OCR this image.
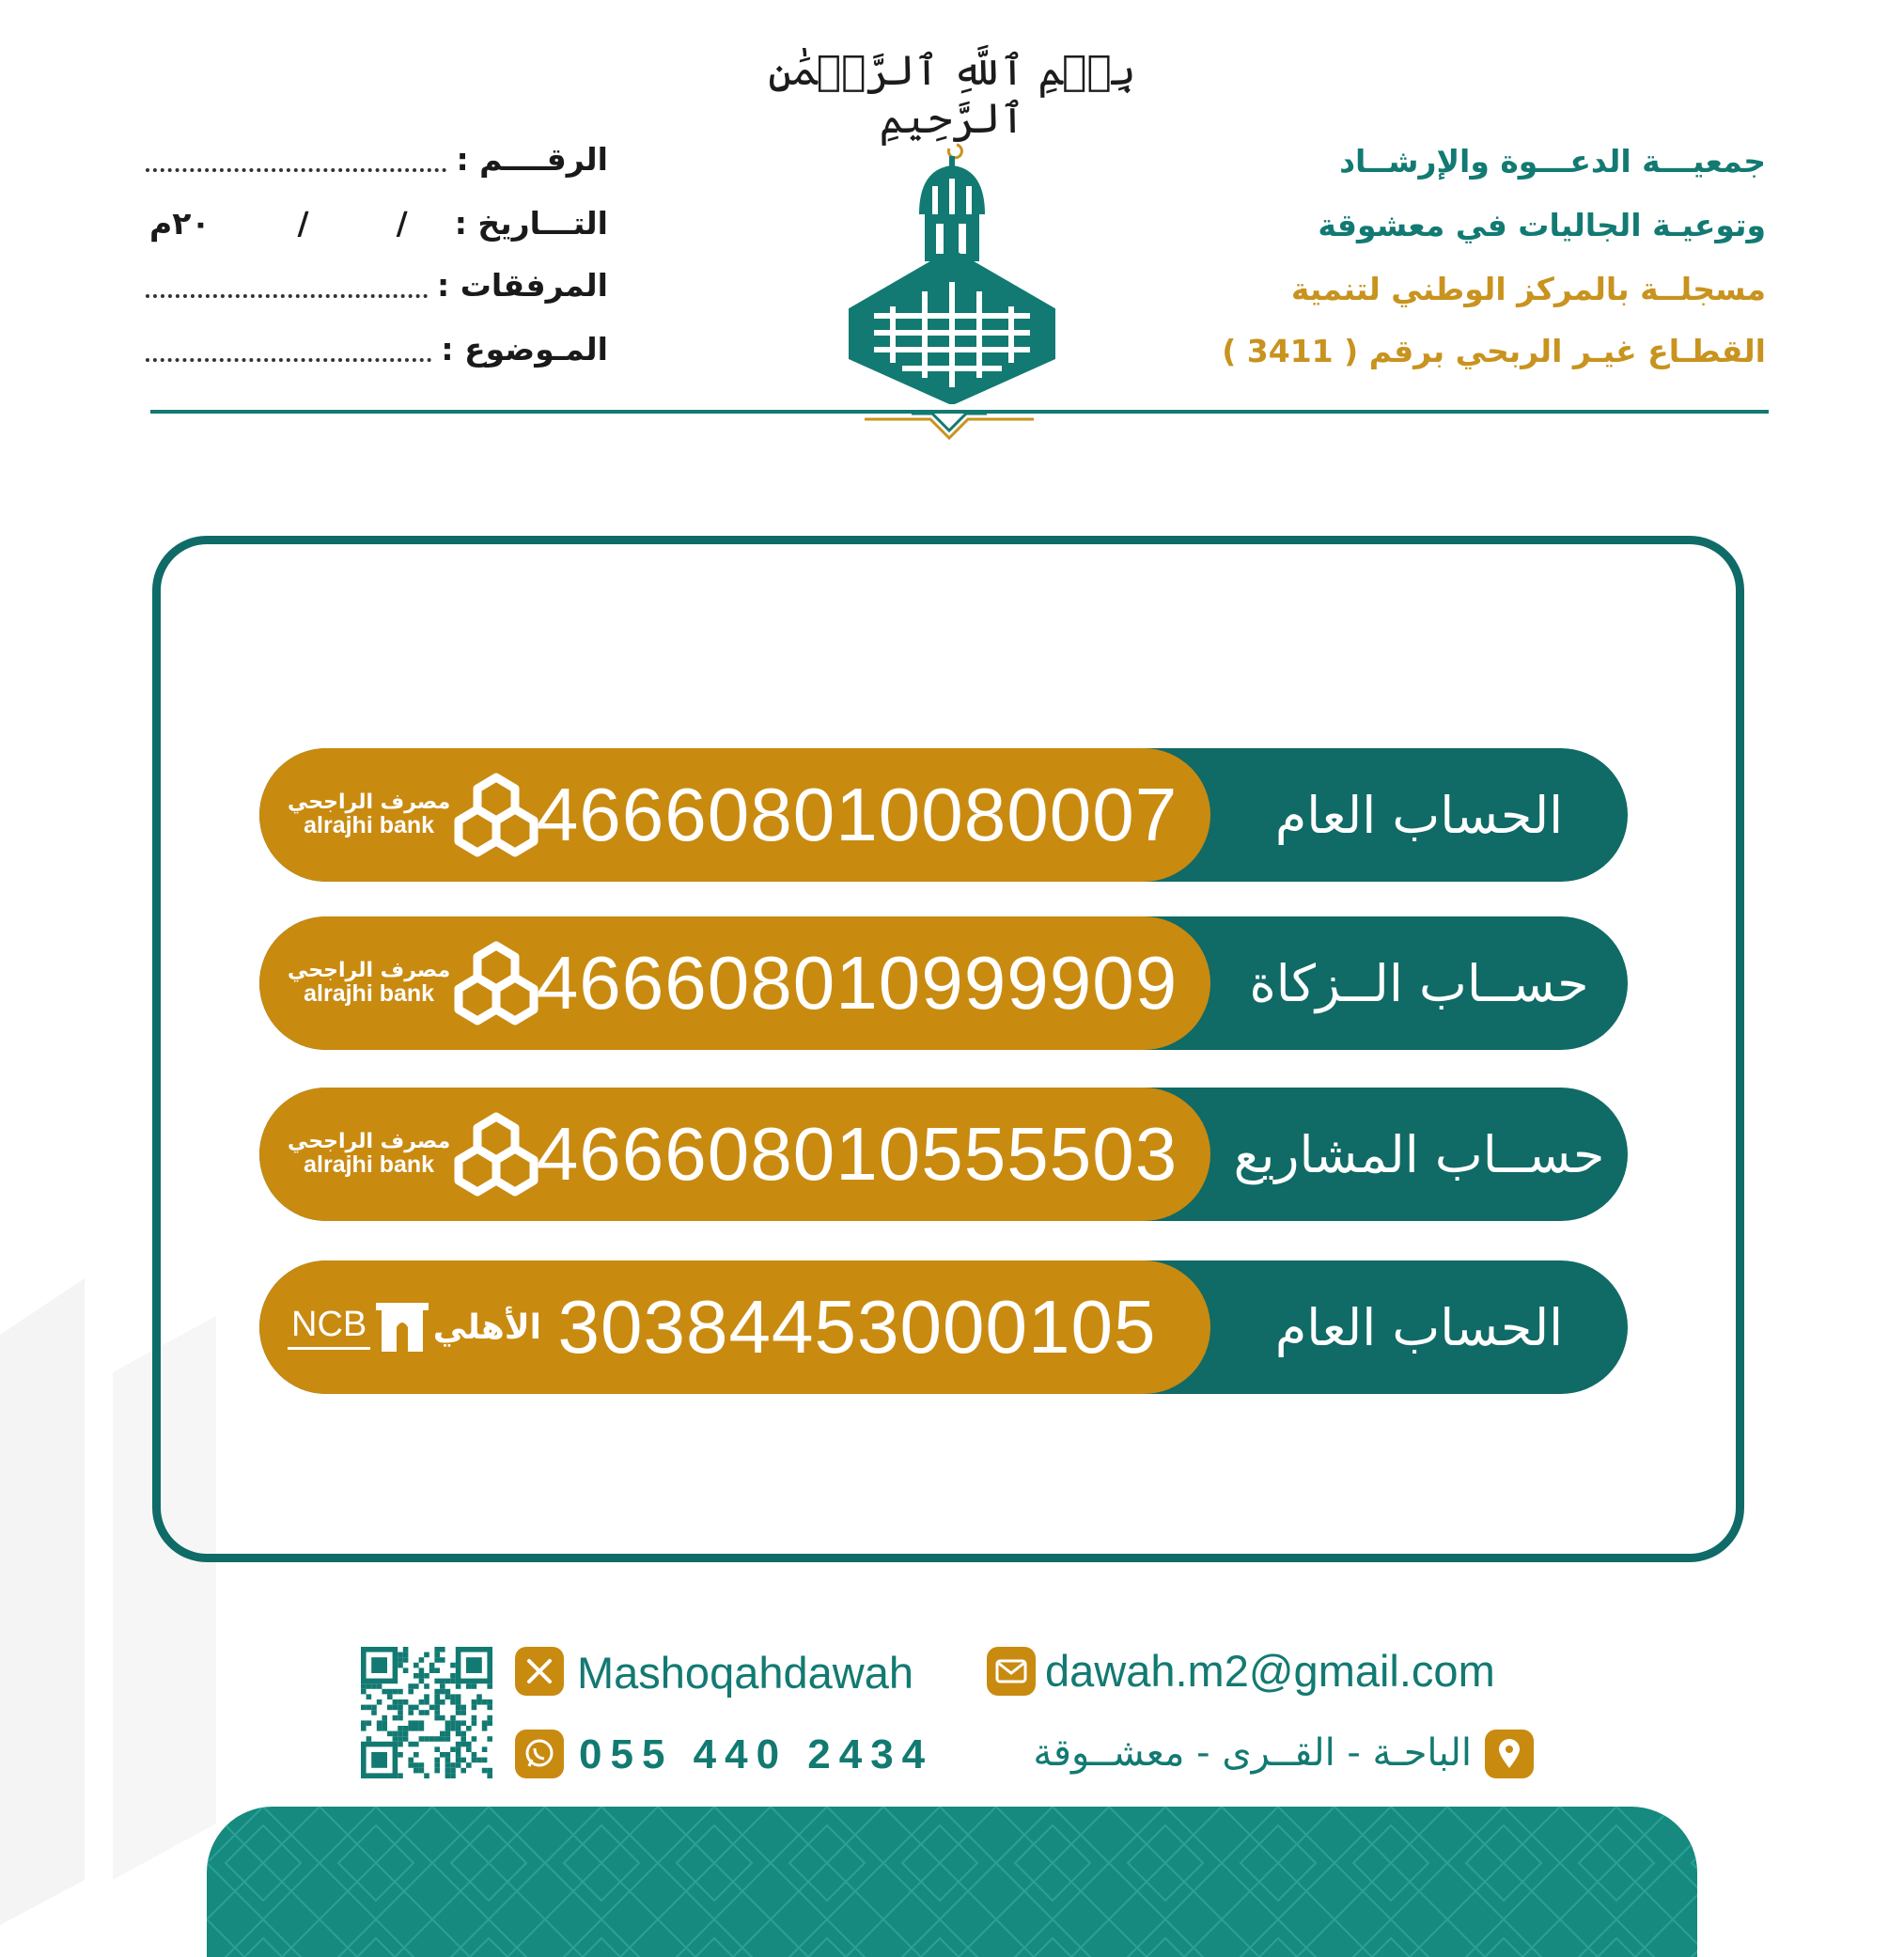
بِسۡمِ ٱللَّهِ ٱلرَّحۡمَٰنِ ٱلرَّحِيمِ
جمعيـــة الدعـــوة والإرشــاد
وتوعيـة الجاليات في معشوقة
مسجلــة بالمركز الوطني لتنمية
القطـاع غيـر الربحي برقم ( 3411 )
الرقــــم :
التـــاريخ :
/
/
٢٠م
المرفقات :
المـوضوع :
الحساب العام
466608010080007
مصرف الراجحي
alrajhi bank
حســاب الــزكاة
466608010999909
مصرف الراجحي
alrajhi bank
حســاب المشاريع
466608010555503
مصرف الراجحي
alrajhi bank
الحساب العام
30384453000105
NCB الأهلي
Mashoqahdawah
055 440 2434
dawah.m2@gmail.com
الباحـة - القــرى - معشــوقة
